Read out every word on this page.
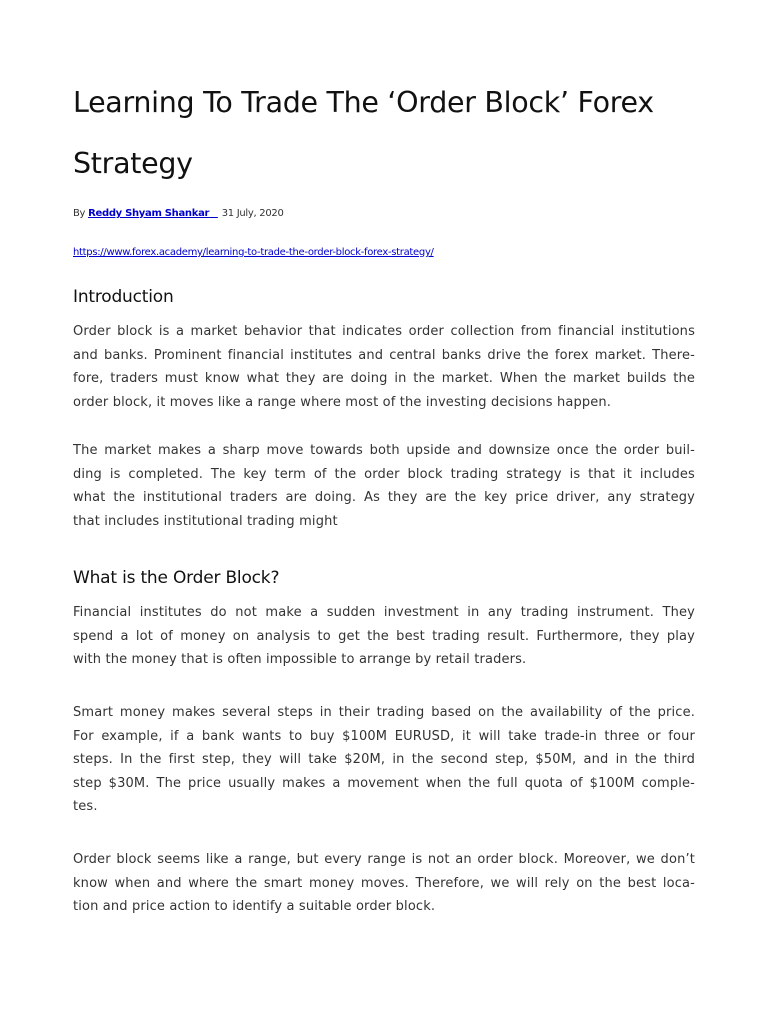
Learning To Trade The ‘Order Block’ Forex
Strategy
By Reddy Shyam Shankar 31 July, 2020
https://www.forex.academy/learning-to-trade-the-order-block-forex-strategy/
Introduction
Order block is a market behavior that indicates order collection from financial institutions
and banks. Prominent financial institutes and central banks drive the forex market. There-
fore, traders must know what they are doing in the market. When the market builds the
order block, it moves like a range where most of the investing decisions happen.
The market makes a sharp move towards both upside and downsize once the order buil-
ding is completed. The key term of the order block trading strategy is that it includes
what the institutional traders are doing. As they are the key price driver, any strategy
that includes institutional trading might
What is the Order Block?
Financial institutes do not make a sudden investment in any trading instrument. They
spend a lot of money on analysis to get the best trading result. Furthermore, they play
with the money that is often impossible to arrange by retail traders.
Smart money makes several steps in their trading based on the availability of the price.
For example, if a bank wants to buy $100M EURUSD, it will take trade-in three or four
steps. In the first step, they will take $20M, in the second step, $50M, and in the third
step $30M. The price usually makes a movement when the full quota of $100M comple-
tes.
Order block seems like a range, but every range is not an order block. Moreover, we don’t
know when and where the smart money moves. Therefore, we will rely on the best loca-
tion and price action to identify a suitable order block.
